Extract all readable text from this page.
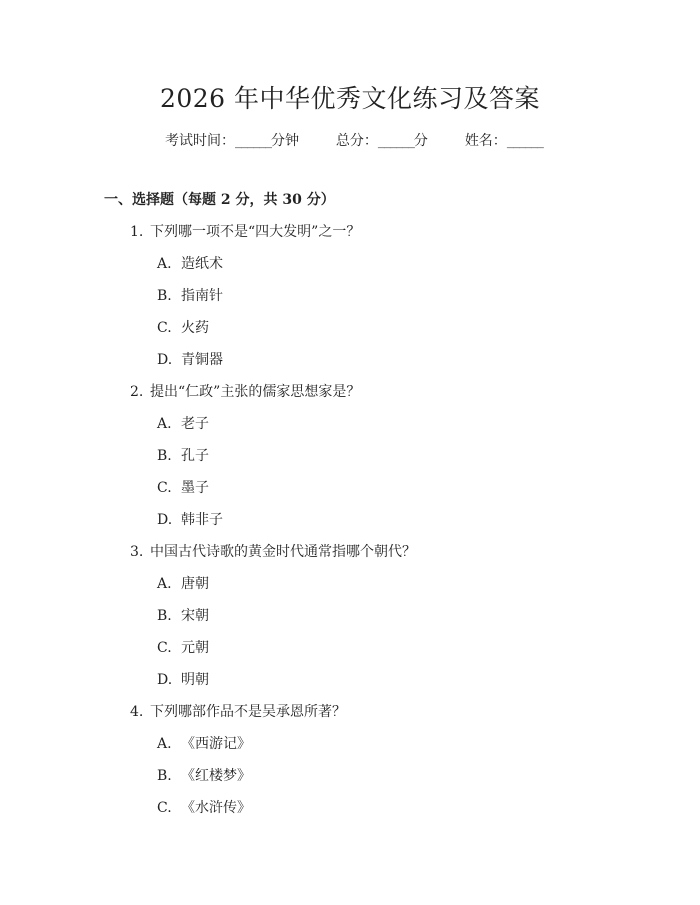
2026 年中华优秀文化练习及答案
考试时间：______分钟	总分：______分	姓名：______
一、选择题（每题 2 分，共 30 分）
1. 下列哪一项不是“四大发明”之一？
A. 造纸术
B. 指南针
C. 火药
D. 青铜器
2. 提出“仁政”主张的儒家思想家是？
A. 老子
B. 孔子
C. 墨子
D. 韩非子
3. 中国古代诗歌的黄金时代通常指哪个朝代？
A. 唐朝
B. 宋朝
C. 元朝
D. 明朝
4. 下列哪部作品不是吴承恩所著？
A. 《西游记》
B. 《红楼梦》
C. 《水浒传》
